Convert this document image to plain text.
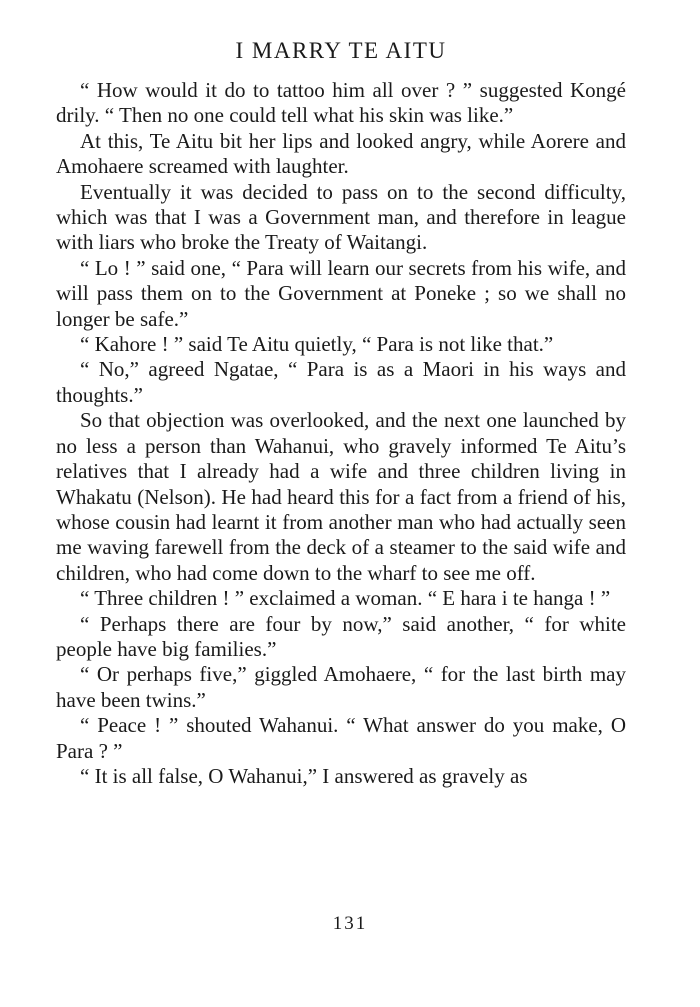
I MARRY TE AITU

“ How would it do to tattoo him all over ? ” suggested Kongé drily. “ Then no one could tell what his skin was like.”

At this, Te Aitu bit her lips and looked angry, while Aorere and Amohaere screamed with laughter.

Eventually it was decided to pass on to the second difficulty, which was that I was a Government man, and therefore in league with liars who broke the Treaty of Waitangi.

“ Lo ! ” said one, “ Para will learn our secrets from his wife, and will pass them on to the Government at Poneke ; so we shall no longer be safe.”

“ Kahore ! ” said Te Aitu quietly, “ Para is not like that.”

“ No,” agreed Ngatae, “ Para is as a Maori in his ways and thoughts.”

So that objection was overlooked, and the next one launched by no less a person than Wahanui, who gravely informed Te Aitu’s relatives that I already had a wife and three children living in Whakatu (Nelson). He had heard this for a fact from a friend of his, whose cousin had learnt it from another man who had actually seen me waving farewell from the deck of a steamer to the said wife and children, who had come down to the wharf to see me off.

“ Three children ! ” exclaimed a woman. “ E hara i te hanga ! ”

“ Perhaps there are four by now,” said another, “ for white people have big families.”

“ Or perhaps five,” giggled Amohaere, “ for the last birth may have been twins.”

“ Peace ! ” shouted Wahanui. “ What answer do you make, O Para ? ”

“ It is all false, O Wahanui,” I answered as gravely as

131
